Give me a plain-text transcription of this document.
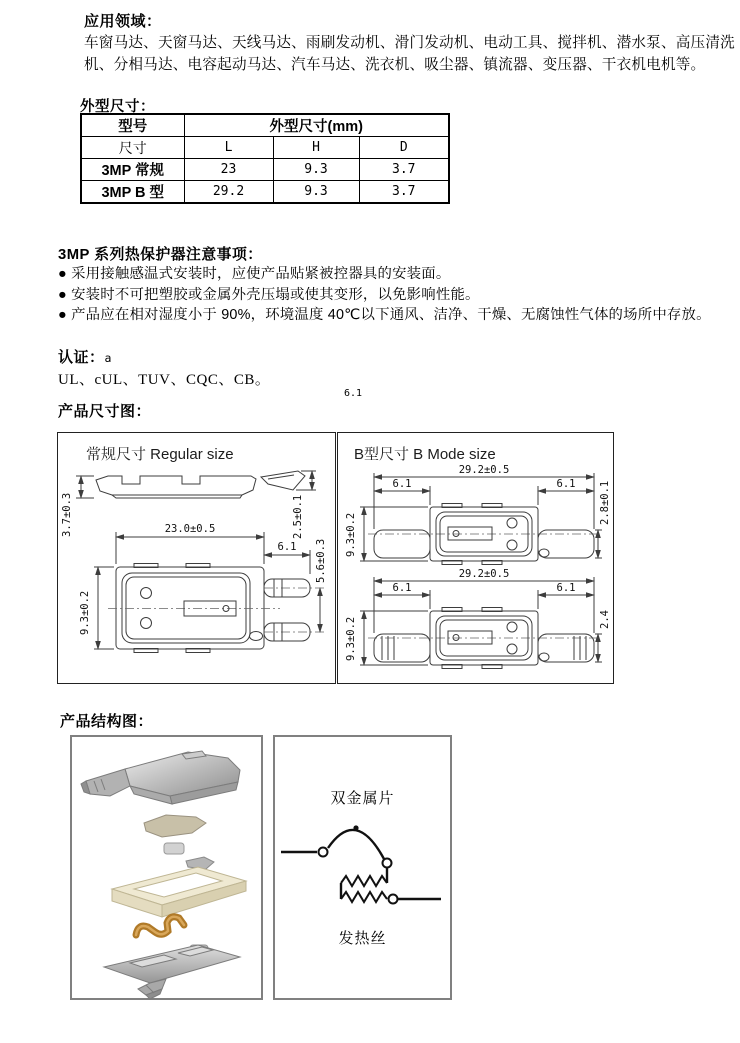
应用领域：
车窗马达、天窗马达、天线马达、雨刷发动机、滑门发动机、电动工具、搅拌机、潜水泵、高压清洗机、分相马达、电容起动马达、汽车马达、洗衣机、吸尘器、镇流器、变压器、干衣机电机等。
外型尺寸：
型号	外型尺寸(mm)		
尺寸	L	H	D
3MP 常规	23	9.3	3.7
3MP B 型	29.2	9.3	3.7
3MP 系列热保护器注意事项：
● 采用接触感温式安装时，应使产品贴紧被控器具的安装面。
● 安装时不可把塑胶或金属外壳压塌或使其变形，以免影响性能。
● 产品应在相对湿度小于 90%，环境温度 40℃以下通风、洁净、干燥、无腐蚀性气体的场所中存放。
认证：a
UL、cUL、TUV、CQC、CB。
6.1
产品尺寸图：
常规尺寸 Regular size
3.7±0.3	2.5±0.1
23.0±0.5
6.1
9.3±0.2
5.6±0.3
B型尺寸 B Mode size
29.2±0.5
6.1	6.1
9.3±0.2
2.8±0.1
29.2±0.5
6.1	6.1
9.3±0.2	2.4
产品结构图：
双金属片
发热丝
